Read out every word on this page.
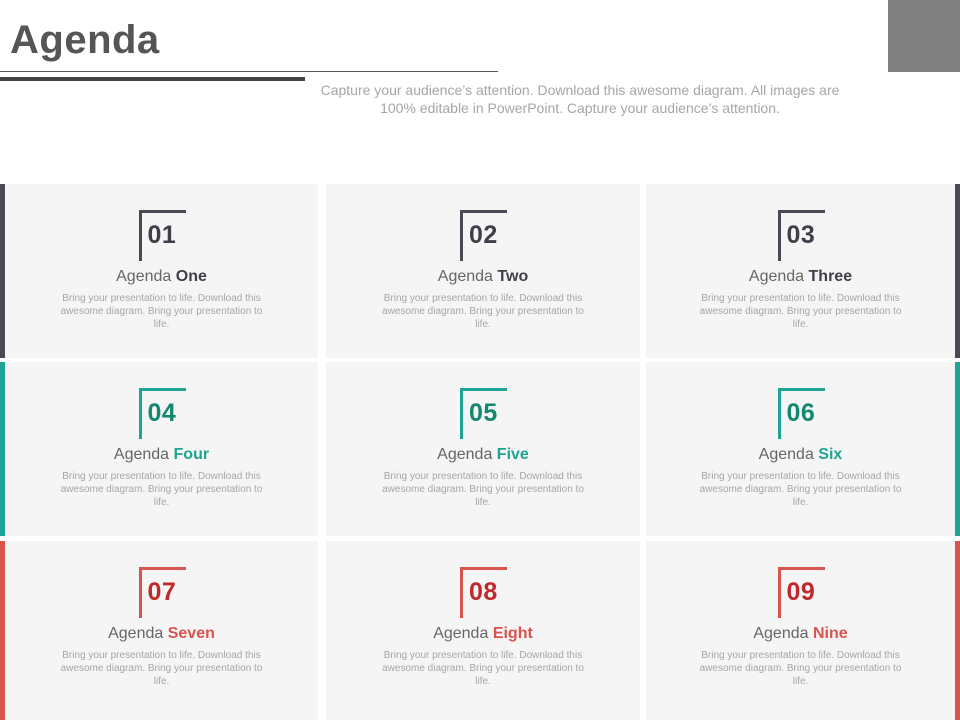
Agenda
Capture your audience’s attention. Download this awesome diagram. All images are 100% editable in PowerPoint. Capture your audience’s attention.
01
Agenda One
Bring your presentation to life. Download this awesome diagram. Bring your presentation to life.
02
Agenda Two
Bring your presentation to life. Download this awesome diagram. Bring your presentation to life.
03
Agenda Three
Bring your presentation to life. Download this awesome diagram. Bring your presentation to life.
04
Agenda Four
Bring your presentation to life. Download this awesome diagram. Bring your presentation to life.
05
Agenda Five
Bring your presentation to life. Download this awesome diagram. Bring your presentation to life.
06
Agenda Six
Bring your presentation to life. Download this awesome diagram. Bring your presentation to life.
07
Agenda Seven
Bring your presentation to life. Download this awesome diagram. Bring your presentation to life.
08
Agenda Eight
Bring your presentation to life. Download this awesome diagram. Bring your presentation to life.
09
Agenda Nine
Bring your presentation to life. Download this awesome diagram. Bring your presentation to life.
